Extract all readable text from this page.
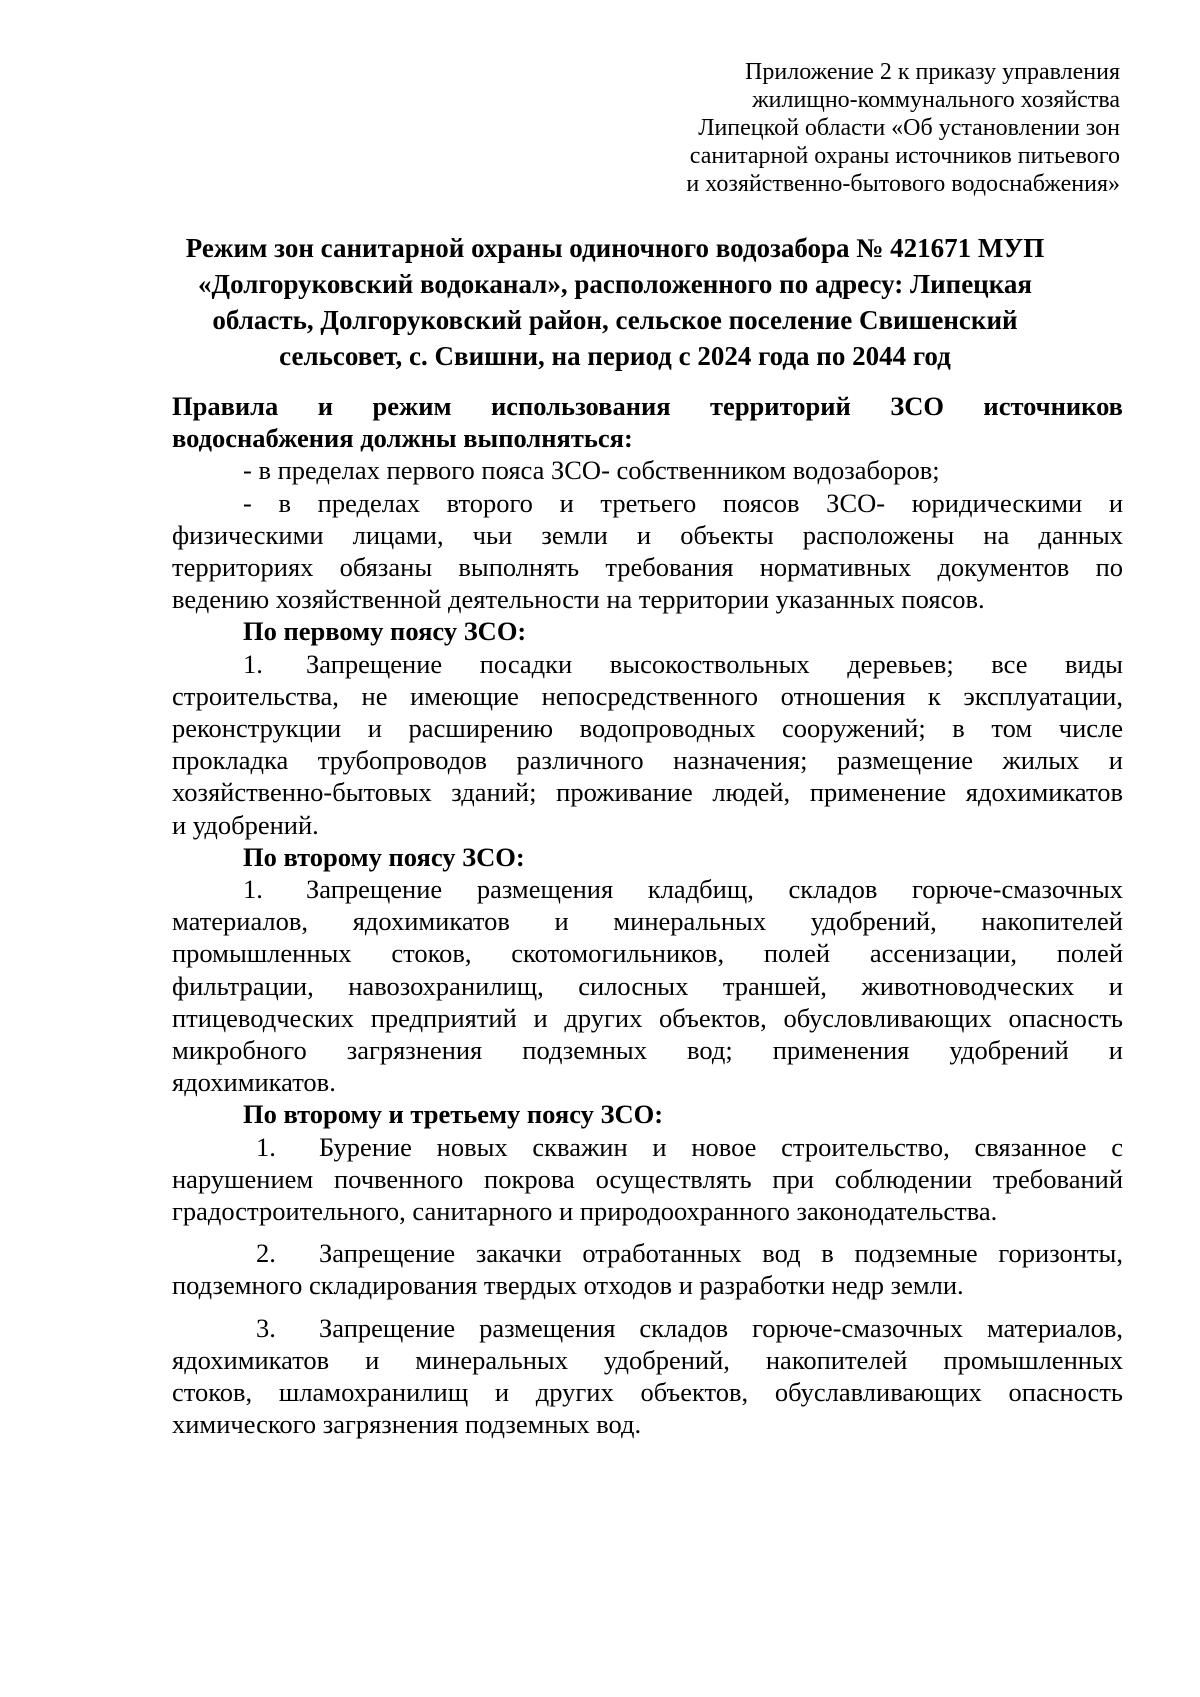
Приложение 2 к приказу управления
жилищно-коммунального хозяйства
Липецкой области «Об установлении зон
санитарной охраны источников питьевого
и хозяйственно-бытового водоснабжения»
Режим зон санитарной охраны одиночного водозабора № 421671 МУП
«Долгоруковский водоканал», расположенного по адресу: Липецкая
область, Долгоруковский район, сельское поселение Свишенский
сельсовет, с. Свишни, на период с 2024 года по 2044 год
Правила и режим использования территорий ЗСО источников
водоснабжения должны выполняться:
- в пределах первого пояса ЗСО- собственником водозаборов;
- в пределах второго и третьего поясов ЗСО- юридическими и
физическими лицами, чьи земли и объекты расположены на данных
территориях обязаны выполнять требования нормативных документов по
ведению хозяйственной деятельности на территории указанных поясов.
По первому поясу ЗСО:
1. Запрещение посадки высокоствольных деревьев; все виды
строительства, не имеющие непосредственного отношения к эксплуатации,
реконструкции и расширению водопроводных сооружений; в том числе
прокладка трубопроводов различного назначения; размещение жилых и
хозяйственно-бытовых зданий; проживание людей, применение ядохимикатов
и удобрений.
По второму поясу ЗСО:
1. Запрещение размещения кладбищ, складов горюче-смазочных
материалов, ядохимикатов и минеральных удобрений, накопителей
промышленных стоков, скотомогильников, полей ассенизации, полей
фильтрации, навозохранилищ, силосных траншей, животноводческих и
птицеводческих предприятий и других объектов, обусловливающих опасность
микробного загрязнения подземных вод; применения удобрений и
ядохимикатов.
По второму и третьему поясу ЗСО:
1. Бурение новых скважин и новое строительство, связанное с
нарушением почвенного покрова осуществлять при соблюдении требований
градостроительного, санитарного и природоохранного законодательства.
2. Запрещение закачки отработанных вод в подземные горизонты,
подземного складирования твердых отходов и разработки недр земли.
3. Запрещение размещения складов горюче-смазочных материалов,
ядохимикатов и минеральных удобрений, накопителей промышленных
стоков, шламохранилищ и других объектов, обуславливающих опасность
химического загрязнения подземных вод.
